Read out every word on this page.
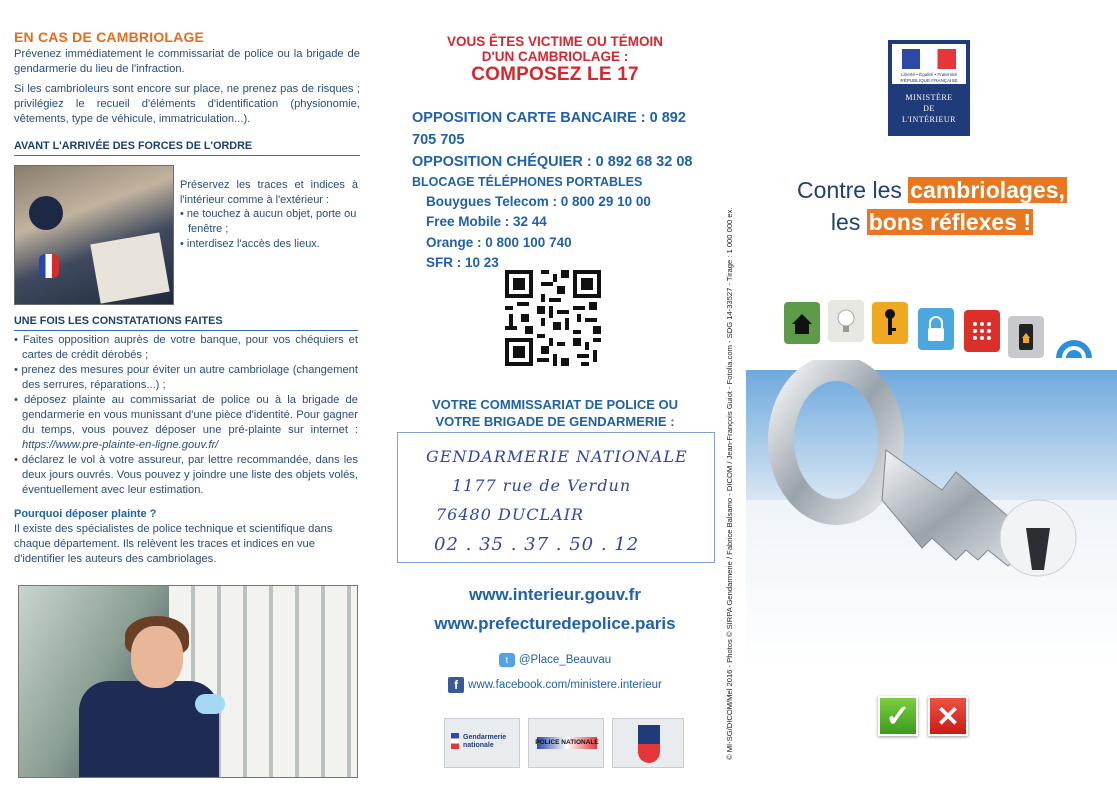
EN CAS DE CAMBRIOLAGE

Prévenez immédiatement le commissariat de police ou la brigade de gendarmerie du lieu de l'infraction.

Si les cambrioleurs sont encore sur place, ne prenez pas de risques ; privilégiez le recueil d'éléments d'identification (physionomie, vêtements, type de véhicule, immatriculation...).

AVANT L'ARRIVÉE DES FORCES DE L'ORDRE

Préservez les traces et indices à l'intérieur comme à l'extérieur :

• ne touchez à aucun objet, porte ou fenêtre ;
• interdisez l'accès des lieux.
UNE FOIS LES CONSTATATIONS FAITES
• Faites opposition auprès de votre banque, pour vos chéquiers et cartes de crédit dérobés ;
• prenez des mesures pour éviter un autre cambriolage (changement des serrures, réparations...) ;
• déposez plainte au commissariat de police ou à la brigade de gendarmerie en vous munissant d'une pièce d'identité. Pour gagner du temps, vous pouvez déposer une pré-plainte sur internet : https://www.pre-plainte-en-ligne.gouv.fr/
• déclarez le vol à votre assureur, par lettre recommandée, dans les deux jours ouvrés. Vous pouvez y joindre une liste des objets volés, éventuellement avec leur estimation.
Pourquoi déposer plainte ?

Il existe des spécialistes de police technique et scientifique dans chaque département. Ils relèvent les traces et indices en vue d'identifier les auteurs des cambriolages.

VOUS ÊTES VICTIME OU TÉMOIN
D'UN CAMBRIOLAGE :
COMPOSEZ LE 17
OPPOSITION CARTE BANCAIRE : 0 892 705 705
OPPOSITION CHÉQUIER : 0 892 68 32 08
BLOCAGE TÉLÉPHONES PORTABLES
Bouygues Telecom : 0 800 29 10 00
Free Mobile : 32 44
Orange : 0 800 100 740
SFR : 10 23
VOTRE COMMISSARIAT DE POLICE OU
VOTRE BRIGADE DE GENDARMERIE :
GENDARMERIE NATIONALE
1177 rue de Verdun
76480 DUCLAIR
02 . 35 . 37 . 50 . 12
www.interieur.gouv.fr
www.prefecturedepolice.paris
t @Place_Beauvau
f www.facebook.com/ministere.interieur
Gendarmerie nationale	POLICE NATIONALE	© MI-SG/DICOM/Mel 2016 - Photos © SIRPA Gendarmerie / Fabrice Balsamo - DICOM / Jean-François Guiot - Fotolia.com - SDG 14-33527 - Tirage : 1 000 000 ex.
Liberté • Égalité • Fraternité RÉPUBLIQUE FRANÇAISE
MINISTÈRE
DE
L'INTÉRIEUR
Contre les cambriolages,
les bons réflexes !
✓ ✕
